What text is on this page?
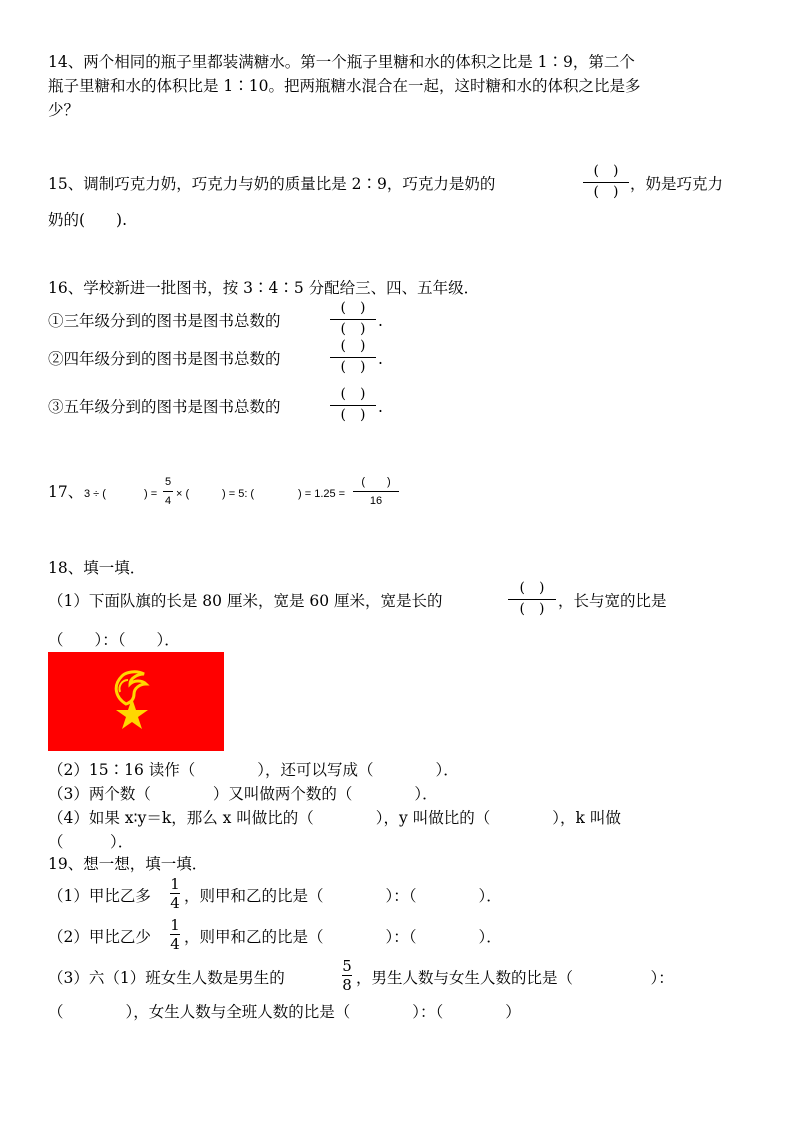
14、两个相同的瓶子里都装满糖水。第一个瓶子里糖和水的体积之比是 1∶9，第二个
瓶子里糖和水的体积比是 1∶10。把两瓶糖水混合在一起，这时糖和水的体积之比是多
少？
15、调制巧克力奶，巧克力与奶的质量比是 2∶9，巧克力是奶的
(　 )
(　 ) ，奶是巧克力
奶的(　　).
16、学校新进一批图书，按 3∶4∶5 分配给三、四、五年级．
①三年级分到的图书是图书总数的
(　 )
(　 ) .
②四年级分到的图书是图书总数的
(　 )
(　 ) .
③五年级分到的图书是图书总数的
(　 )
(　 ) .
17、 3 ÷ (	) =
5
4
× (	) = 5: (	) = 1.25 =
(　　 )
16
18、填一填．
（1）下面队旗的长是 80 厘米，宽是 60 厘米，宽是长的
(　 )
(　 ) ，长与宽的比是
（　　）：（　　）．
（2）15∶16 读作（　　　　），还可以写成（　　　　）．
（3）两个数（　　　　）又叫做两个数的（　　　　）．
（4）如果 x∶y＝k，那么 x 叫做比的（　　　　），y 叫做比的（　　　　），k 叫做
（　　　）．
19、想一想，填一填．
（1）甲比乙多
1
4 ，则甲和乙的比是（　　　　）：（　　　　）．
（2）甲比乙少
1
4 ，则甲和乙的比是（　　　　）：（　　　　）．
（3）六（1）班女生人数是男生的
5
8 ，男生人数与女生人数的比是（　　　　　）：
（　　　　），女生人数与全班人数的比是（　　　　）：（　　　　）
